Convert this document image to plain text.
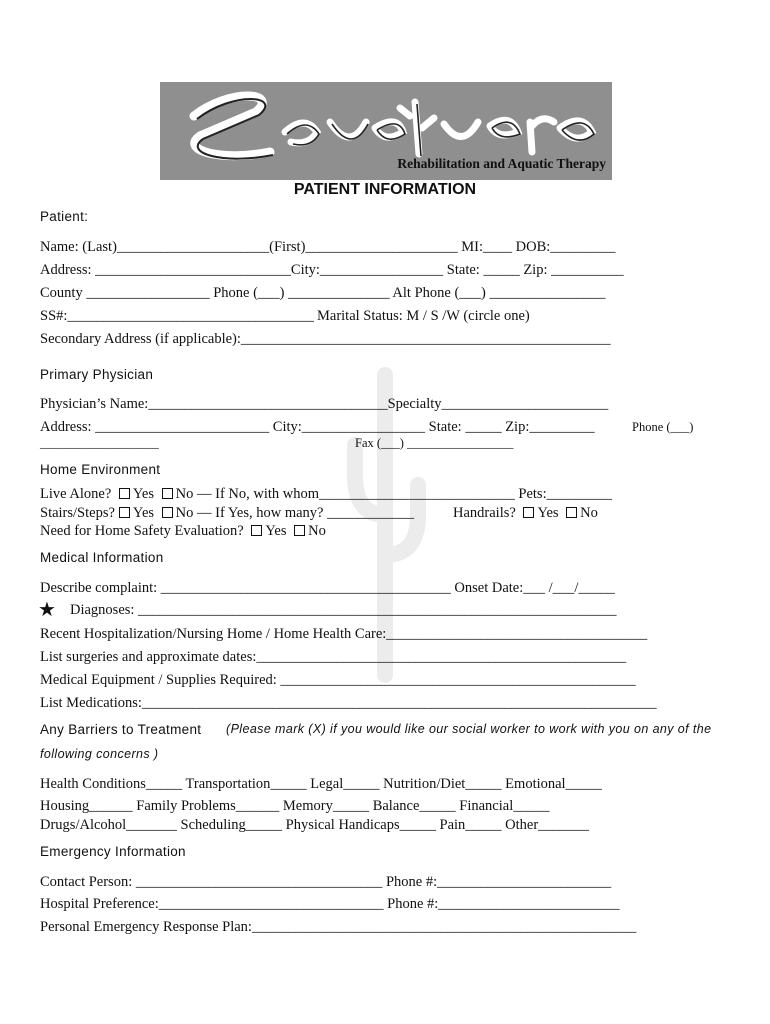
Rehabilitation and Aquatic Therapy
PATIENT INFORMATION
Patient:
Name: (Last)_____________________(First)_____________________ MI:____ DOB:_________
Address: ___________________________City:_________________ State: _____ Zip: __________
County _________________ Phone (___) ______________ Alt Phone (___) ________________
SS#:__________________________________ Marital Status: M / S /W (circle one)
Secondary Address (if applicable):___________________________________________________
Primary Physician
Physician’s Name:_________________________________Specialty_______________________
Address: ________________________ City:_________________ State: _____ Zip:_________	Phone (___)
___________________	Fax (___) _________________
Home Environment
Live Alone? Yes No — If No, with whom___________________________ Pets:_________
Stairs/Steps? Yes No — If Yes, how many? ____________	Handrails? Yes No
Need for Home Safety Evaluation? Yes No
Medical Information
Describe complaint: ________________________________________ Onset Date:___ /___/_____
★ Diagnoses: __________________________________________________________________
Recent Hospitalization/Nursing Home / Home Health Care:____________________________________
List surgeries and approximate dates:___________________________________________________
Medical Equipment / Supplies Required: _________________________________________________
List Medications:_______________________________________________________________________
Any Barriers to Treatment (Please mark (X) if you would like our social worker to work with you on any of the
following concerns )
Health Conditions_____ Transportation_____ Legal_____ Nutrition/Diet_____ Emotional_____
Housing______ Family Problems______ Memory_____ Balance_____ Financial_____
Drugs/Alcohol_______ Scheduling_____ Physical Handicaps_____ Pain_____ Other_______
Emergency Information
Contact Person: __________________________________ Phone #:________________________
Hospital Preference:_______________________________ Phone #:_________________________
Personal Emergency Response Plan:_____________________________________________________
